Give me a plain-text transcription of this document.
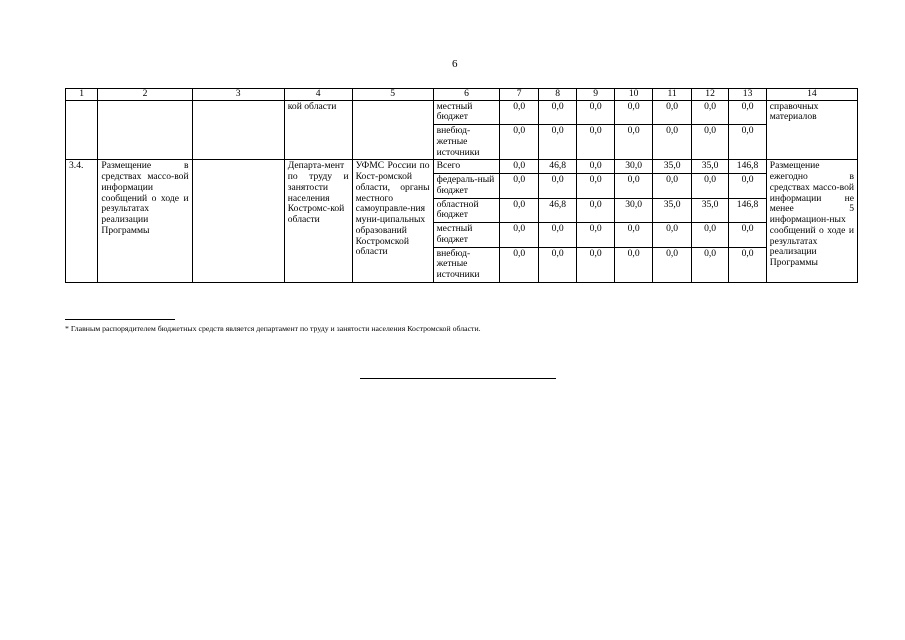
6
1	2	3	4	5	6	7	8	9	10	11	12	13	14
			кой области		местный бюджет	0,0	0,0	0,0	0,0	0,0	0,0	0,0	справочных материалов
					внебюд-жетные источники	0,0	0,0	0,0	0,0	0,0	0,0	0,0	
3.4.	Размещение в средствах массо-вой информации сообщений о ходе и результатах реализации Программы		Департа-мент по труду и занятости населения Костромс-кой области	УФМС России по Кост-ромской области, органы местного самоуправле-ния муни-ципальных образований Костромской области	Всего	0,0	46,8	0,0	30,0	35,0	35,0	146,8	Размещение ежегодно в средствах массо-вой информации не менее 5 информацион-ных сообщений о ходе и результатах реализации Программы
					федераль-ный бюджет	0,0	0,0	0,0	0,0	0,0	0,0	0,0	
					областной бюджет	0,0	46,8	0,0	30,0	35,0	35,0	146,8	
					местный бюджет	0,0	0,0	0,0	0,0	0,0	0,0	0,0	
					внебюд-жетные источники	0,0	0,0	0,0	0,0	0,0	0,0	0,0	
* Главным распорядителем бюджетных средств является департамент по труду и занятости населения Костромской области.
